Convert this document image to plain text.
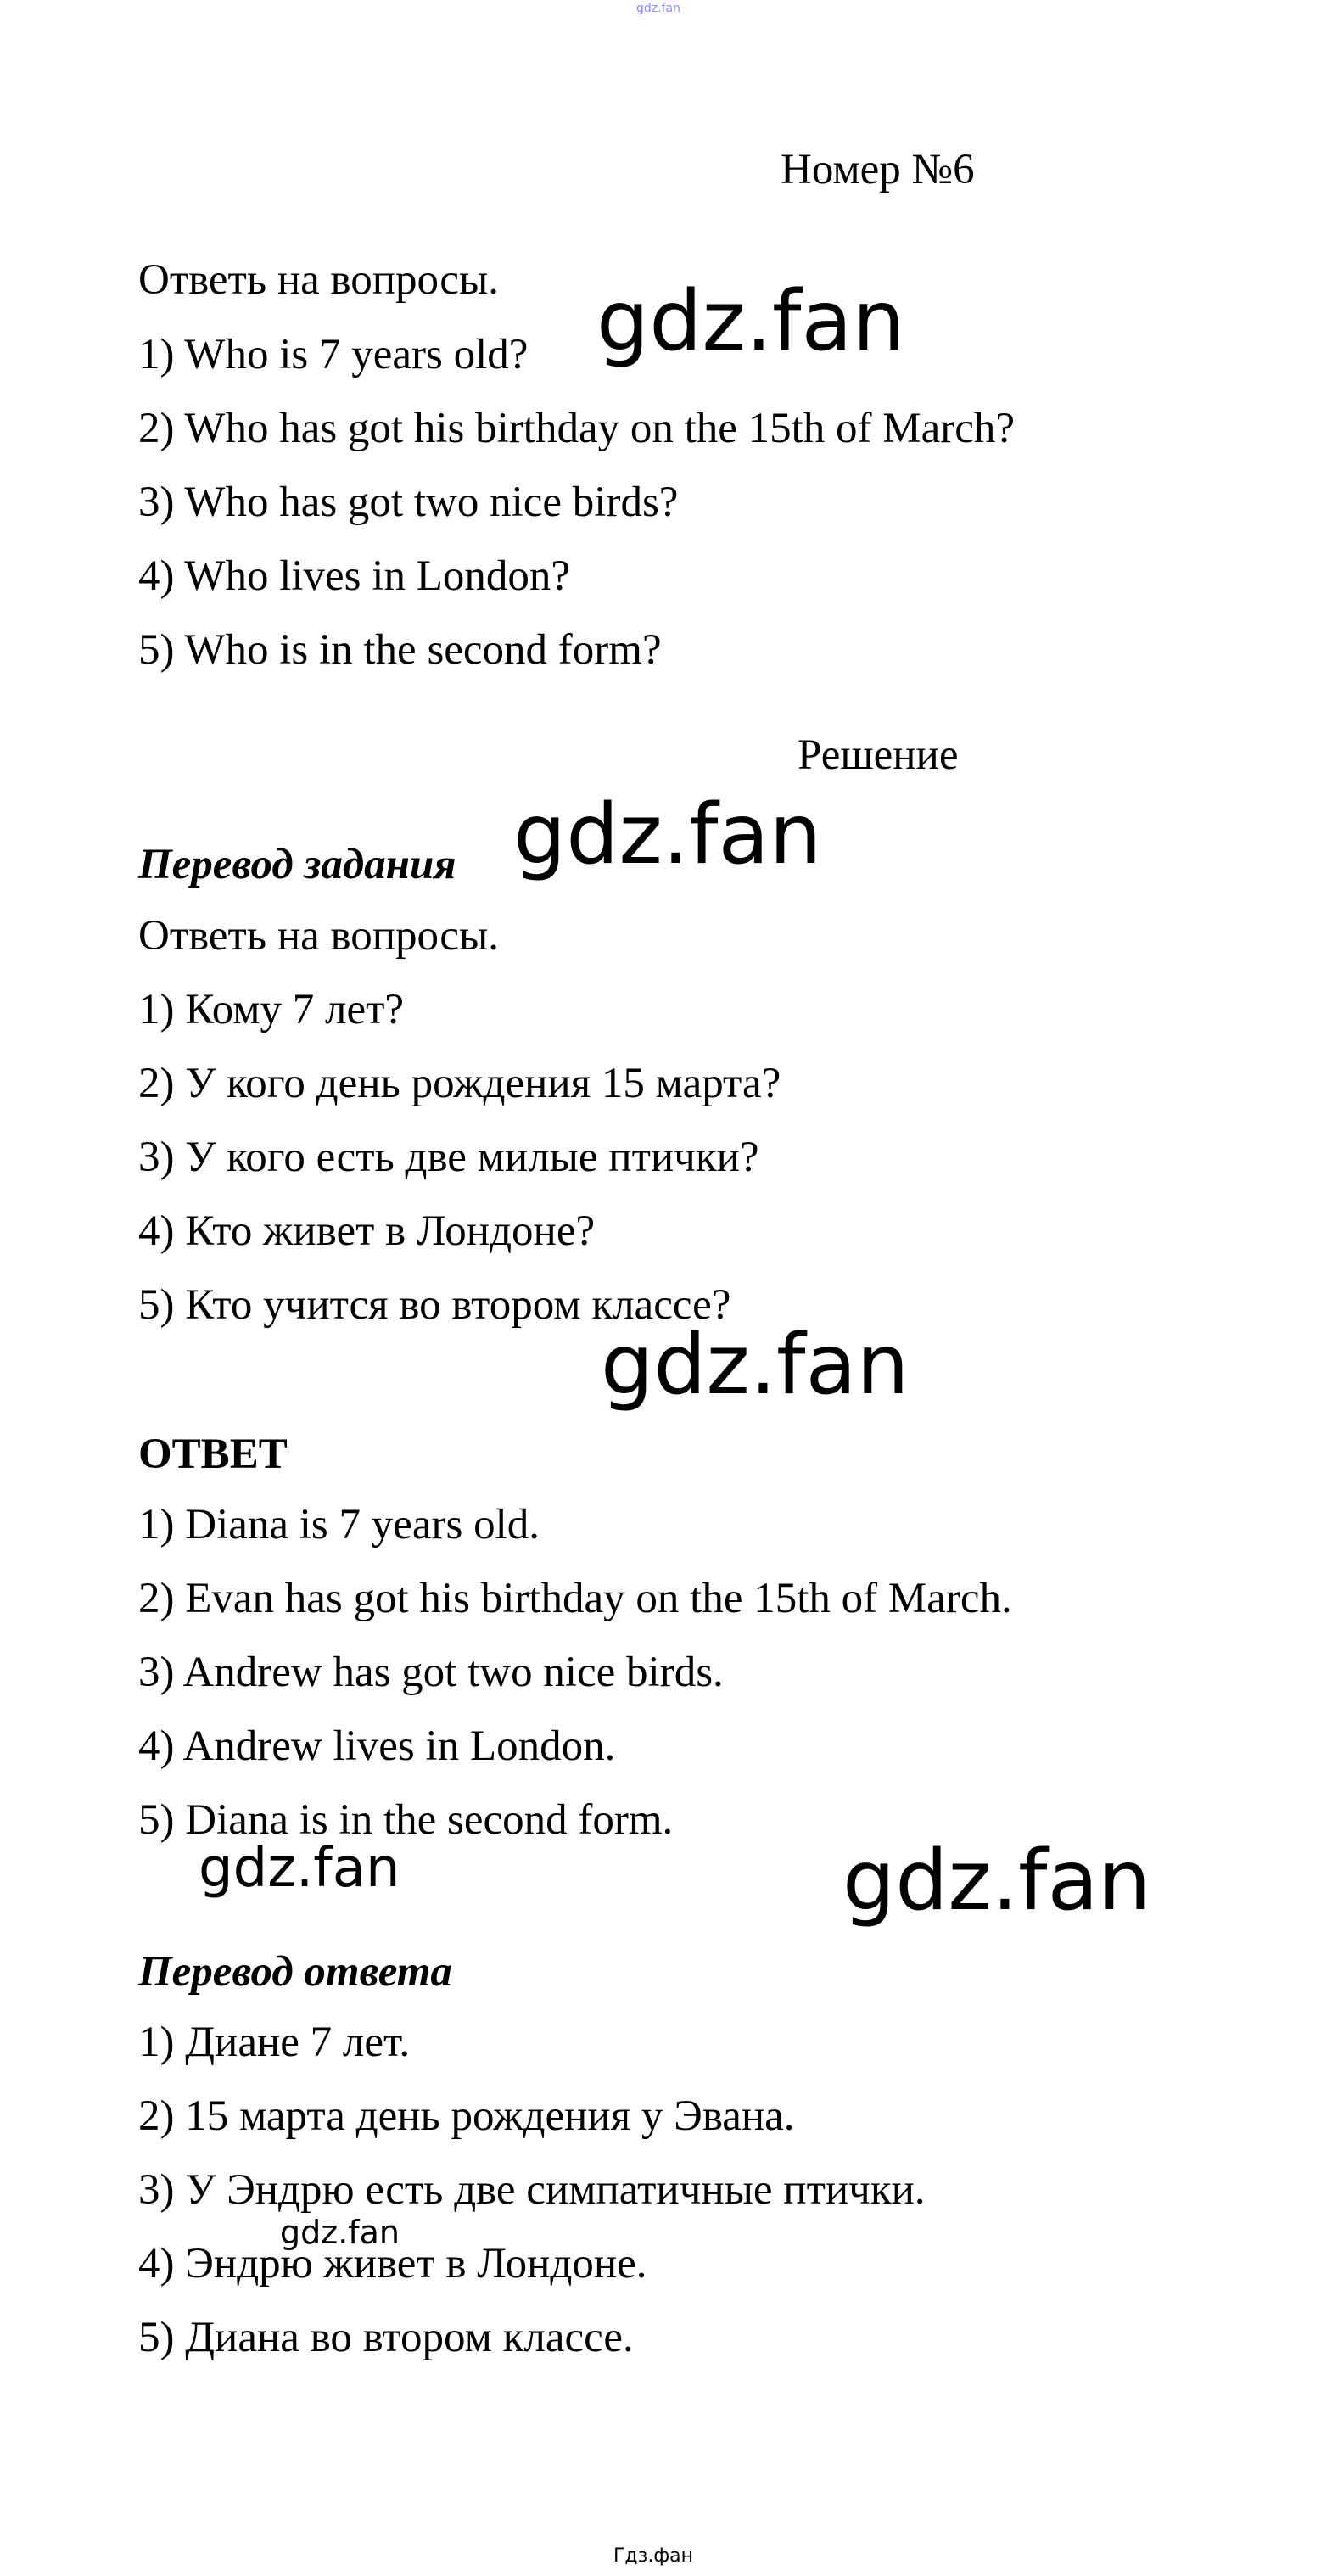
gdz.fan
Номер №6
Ответь на вопросы.
1) Who is 7 years old?
2) Who has got his birthday on the 15th of March?
3) Who has got two nice birds?
4) Who lives in London?
5) Who is in the second form?
Решение
Перевод задания
Ответь на вопросы.
1) Кому 7 лет?
2) У кого день рождения 15 марта?
3) У кого есть две милые птички?
4) Кто живет в Лондоне?
5) Кто учится во втором классе?
ОТВЕТ
1) Diana is 7 years old.
2) Evan has got his birthday on the 15th of March.
3) Andrew has got two nice birds.
4) Andrew lives in London.
5) Diana is in the second form.
Перевод ответа
1) Диане 7 лет.
2) 15 марта день рождения у Эвана.
3) У Эндрю есть две симпатичные птички.
4) Эндрю живет в Лондоне.
5) Диана во втором классе.
gdz.fan
gdz.fan
gdz.fan
gdz.fan	gdz.fan
gdz.fan
Гдз.фан
